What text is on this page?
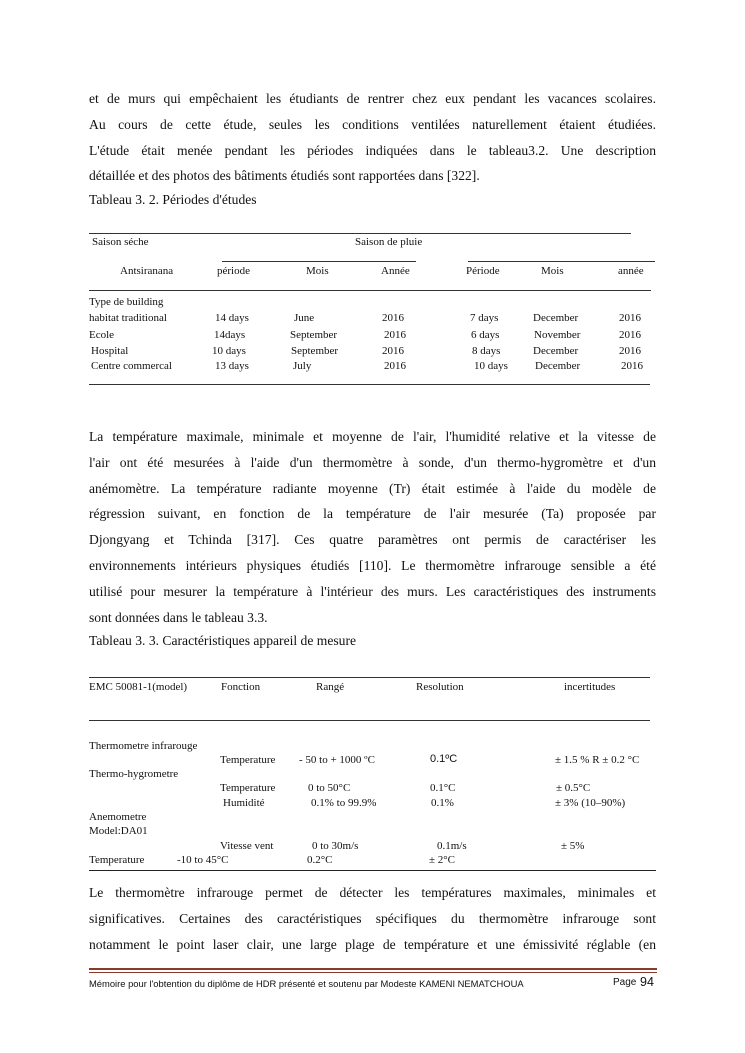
et de murs qui empêchaient les étudiants de rentrer chez eux pendant les vacances scolaires.
Au cours de cette étude, seules les conditions ventilées naturellement étaient étudiées.
L'étude était menée pendant les périodes indiquées dans le tableau3.2. Une description
détaillée et des photos des bâtiments étudiés sont rapportées dans [322].
Tableau 3. 2. Périodes d'études
Saison séche	Saison de pluie
Antsiranana	période	Mois	Année	Période	Mois	année
Type de building
habitat traditional	14 days	June	2016	7 days	December	2016
Ecole	14days	September	2016	6 days	November	2016
Hospital	10 days	September	2016	8 days	December	2016
Centre commercal	13 days	July	2016	10 days December	2016
La température maximale, minimale et moyenne de l'air, l'humidité relative et la vitesse de
l'air ont été mesurées à l'aide d'un thermomètre à sonde, d'un thermo-hygromètre et d'un
anémomètre. La température radiante moyenne (Tr) était estimée à l'aide du modèle de
régression suivant, en fonction de la température de l'air mesurée (Ta) proposée par
Djongyang et Tchinda [317]. Ces quatre paramètres ont permis de caractériser les
environnements intérieurs physiques étudiés [110]. Le thermomètre infrarouge sensible a été
utilisé pour mesurer la température à l'intérieur des murs. Les caractéristiques des instruments
sont données dans le tableau 3.3.
Tableau 3. 3. Caractéristiques appareil de mesure
EMC 50081-1(model)	Fonction	Rangé	Resolution	incertitudes
Thermometre infrarouge
Temperature - 50 to + 1000 ºC	0.1ºC	± 1.5 % R ± 0.2 °C
Thermo-hygrometre
Temperature	0 to 50°C	0.1°C	± 0.5°C
Humidité	0.1% to 99.9%	0.1%	± 3% (10–90%)
Anemometre
Model:DA01
Vitesse vent	0 to 30m/s	0.1m/s	± 5%
Temperature	-10 to 45°C	0.2°C	± 2°C
Le thermomètre infrarouge permet de détecter les températures maximales, minimales et
significatives. Certaines des caractéristiques spécifiques du thermomètre infrarouge sont
notamment le point laser clair, une large plage de température et une émissivité réglable (en
Mémoire pour l'obtention du diplôme de HDR présenté et soutenu par Modeste KAMENI NEMATCHOUA	Page 94
